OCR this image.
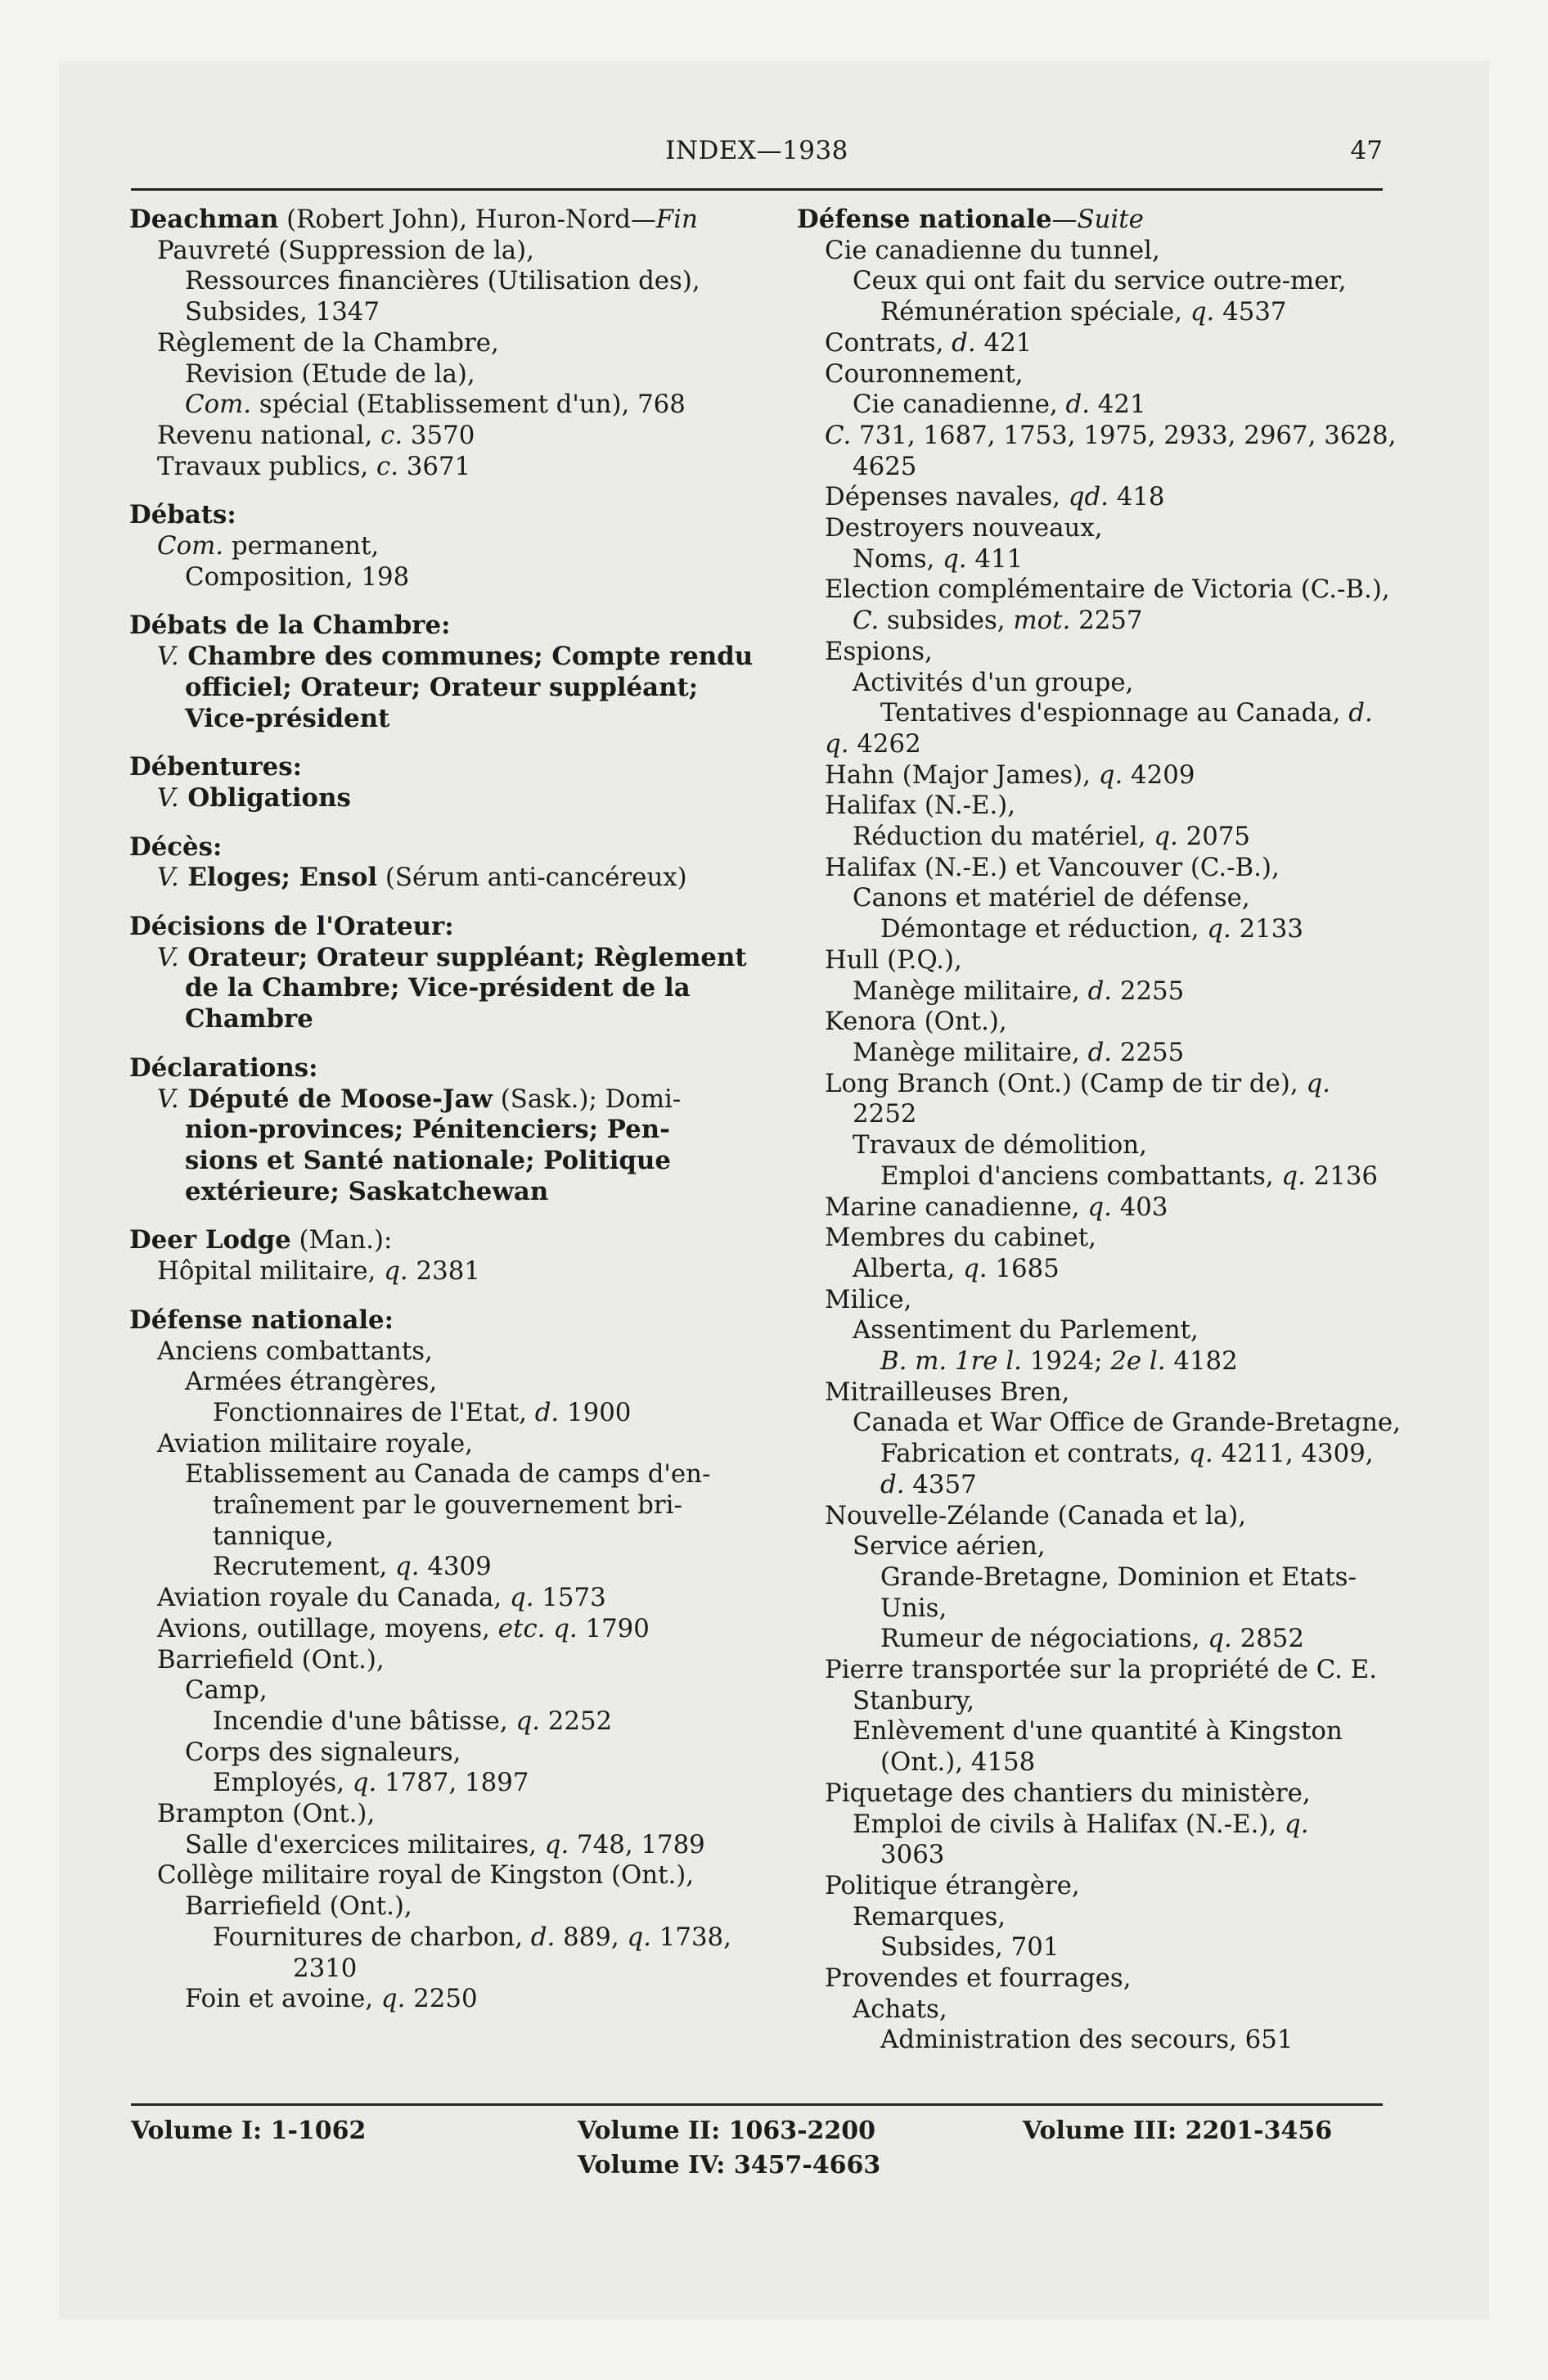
INDEX—1938	47
Deachman (Robert John), Huron-Nord—Fin
Pauvreté (Suppression de la),
Ressources financières (Utilisation des),
Subsides, 1347
Règlement de la Chambre,
Revision (Etude de la),
Com. spécial (Etablissement d'un), 768
Revenu national, c. 3570
Travaux publics, c. 3671
Débats:
Com. permanent,
Composition, 198
Débats de la Chambre:
V. Chambre des communes; Compte rendu
officiel; Orateur; Orateur suppléant;
Vice-président
Débentures:
V. Obligations
Décès:
V. Eloges; Ensol (Sérum anti-cancéreux)
Décisions de l'Orateur:
V. Orateur; Orateur suppléant; Règlement
de la Chambre; Vice-président de la
Chambre
Déclarations:
V. Député de Moose-Jaw (Sask.); Domi-
nion-provinces; Pénitenciers; Pen-
sions et Santé nationale; Politique
extérieure; Saskatchewan
Deer Lodge (Man.):
Hôpital militaire, q. 2381
Défense nationale:
Anciens combattants,
Armées étrangères,
Fonctionnaires de l'Etat, d. 1900
Aviation militaire royale,
Etablissement au Canada de camps d'en-
traînement par le gouvernement bri-
tannique,
Recrutement, q. 4309
Aviation royale du Canada, q. 1573
Avions, outillage, moyens, etc. q. 1790
Barriefield (Ont.),
Camp,
Incendie d'une bâtisse, q. 2252
Corps des signaleurs,
Employés, q. 1787, 1897
Brampton (Ont.),
Salle d'exercices militaires, q. 748, 1789
Collège militaire royal de Kingston (Ont.),
Barriefield (Ont.),
Fournitures de charbon, d. 889, q. 1738,
2310
Foin et avoine, q. 2250
Défense nationale—Suite
Cie canadienne du tunnel,
Ceux qui ont fait du service outre-mer,
Rémunération spéciale, q. 4537
Contrats, d. 421
Couronnement,
Cie canadienne, d. 421
C. 731, 1687, 1753, 1975, 2933, 2967, 3628,
4625
Dépenses navales, qd. 418
Destroyers nouveaux,
Noms, q. 411
Election complémentaire de Victoria (C.-B.),
C. subsides, mot. 2257
Espions,
Activités d'un groupe,
Tentatives d'espionnage au Canada, d.
q. 4262
Hahn (Major James), q. 4209
Halifax (N.-E.),
Réduction du matériel, q. 2075
Halifax (N.-E.) et Vancouver (C.-B.),
Canons et matériel de défense,
Démontage et réduction, q. 2133
Hull (P.Q.),
Manège militaire, d. 2255
Kenora (Ont.),
Manège militaire, d. 2255
Long Branch (Ont.) (Camp de tir de), q.
2252
Travaux de démolition,
Emploi d'anciens combattants, q. 2136
Marine canadienne, q. 403
Membres du cabinet,
Alberta, q. 1685
Milice,
Assentiment du Parlement,
B. m. 1re l. 1924; 2e l. 4182
Mitrailleuses Bren,
Canada et War Office de Grande-Bretagne,
Fabrication et contrats, q. 4211, 4309,
d. 4357
Nouvelle-Zélande (Canada et la),
Service aérien,
Grande-Bretagne, Dominion et Etats-
Unis,
Rumeur de négociations, q. 2852
Pierre transportée sur la propriété de C. E.
Stanbury,
Enlèvement d'une quantité à Kingston
(Ont.), 4158
Piquetage des chantiers du ministère,
Emploi de civils à Halifax (N.-E.), q.
3063
Politique étrangère,
Remarques,
Subsides, 701
Provendes et fourrages,
Achats,
Administration des secours, 651
Volume I: 1-1062	Volume II: 1063-2200	Volume III: 2201-3456
Volume IV: 3457-4663
